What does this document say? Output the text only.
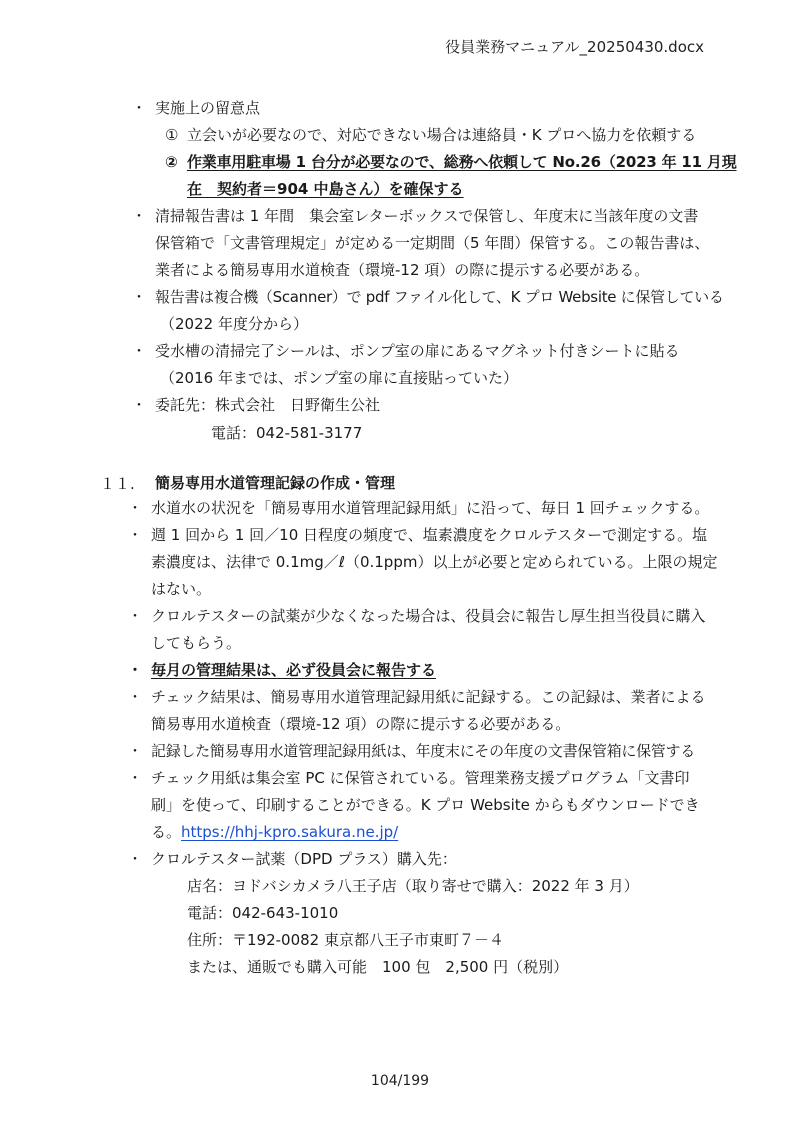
役員業務マニュアル_20250430.docx
・ 実施上の留意点
① 立会いが必要なので、対応できない場合は連絡員・K プロへ協力を依頼する
② 作業車用駐車場 1 台分が必要なので、総務へ依頼して No.26（2023 年 11 月現
在　契約者＝904 中島さん）を確保する
・ 清掃報告書は 1 年間　集会室レターボックスで保管し、年度末に当該年度の文書
保管箱で「文書管理規定」が定める一定期間（5 年間）保管する。この報告書は、
業者による簡易専用水道検査（環境-12 項）の際に提示する必要がある。
・ 報告書は複合機（Scanner）で pdf ファイル化して、K プロ Website に保管している
（2022 年度分から）
・ 受水槽の清掃完了シールは、ポンプ室の扉にあるマグネット付きシートに貼る
（2016 年までは、ポンプ室の扉に直接貼っていた）
・ 委託先：株式会社　日野衛生公社
電話：042-581-3177
１１. 簡易専用水道管理記録の作成・管理
・ 水道水の状況を「簡易専用水道管理記録用紙」に沿って、毎日 1 回チェックする。
・ 週 1 回から 1 回／10 日程度の頻度で、塩素濃度をクロルテスターで測定する。塩
素濃度は、法律で 0.1mg／ℓ（0.1ppm）以上が必要と定められている。上限の規定
はない。
・ クロルテスターの試薬が少なくなった場合は、役員会に報告し厚生担当役員に購入
してもらう。
・ 毎月の管理結果は、必ず役員会に報告する
・ チェック結果は、簡易専用水道管理記録用紙に記録する。この記録は、業者による
簡易専用水道検査（環境-12 項）の際に提示する必要がある。
・ 記録した簡易専用水道管理記録用紙は、年度末にその年度の文書保管箱に保管する
・ チェック用紙は集会室 PC に保管されている。管理業務支援プログラム「文書印
刷」を使って、印刷することができる。K プロ Website からもダウンロードでき
る。https://hhj-kpro.sakura.ne.jp/
・ クロルテスター試薬（DPD プラス）購入先：
店名：ヨドバシカメラ八王子店（取り寄せで購入：2022 年 3 月）
電話：042-643-1010
住所：〒192-0082 東京都八王子市東町７－４
または、通販でも購入可能　100 包　2,500 円（税別）
104/199
